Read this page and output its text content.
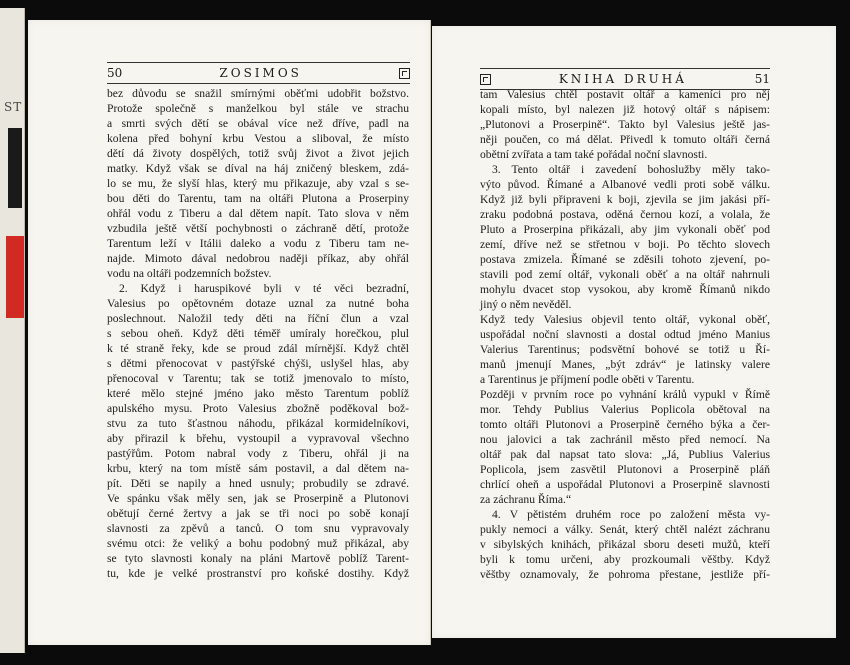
ST
50	ZOSIMOS
bez důvodu se snažil smírnými oběťmi udobřit božstvo.
Protože společně s manželkou byl stále ve strachu
a smrti svých dětí se obával více než dříve, padl na
kolena před bohyní krbu Vestou a sliboval, že místo
dětí dá životy dospělých, totiž svůj život a život jejich
matky. Když však se díval na háj zničený bleskem, zdá-
lo se mu, že slyší hlas, který mu přikazuje, aby vzal s se-
bou děti do Tarentu, tam na oltáři Plutona a Proserpiny
ohřál vodu z Tiberu a dal dětem napít. Tato slova v něm
vzbudila ještě větší pochybnosti o záchraně dětí, protože
Tarentum leží v Itálii daleko a vodu z Tiberu tam ne-
najde. Mimoto dával nedobrou naději příkaz, aby ohřál
vodu na oltáři podzemních božstev.
2. Když i haruspikové byli v té věci bezradní,
Valesius po opětovném dotaze uznal za nutné boha
poslechnout. Naložil tedy děti na říční člun a vzal
s sebou oheň. Když děti téměř umíraly horečkou, plul
k té straně řeky, kde se proud zdál mírnější. Když chtěl
s dětmi přenocovat v pastýřské chýši, uslyšel hlas, aby
přenocoval v Tarentu; tak se totiž jmenovalo to místo,
které mělo stejné jméno jako město Tarentum poblíž
apulského mysu. Proto Valesius zbožně poděkoval bož-
stvu za tuto šťastnou náhodu, přikázal kormidelníkovi,
aby přirazil k břehu, vystoupil a vypravoval všechno
pastýřům. Potom nabral vody z Tiberu, ohřál ji na
krbu, který na tom místě sám postavil, a dal dětem na-
pít. Děti se napily a hned usnuly; probudily se zdravé.
Ve spánku však měly sen, jak se Proserpině a Plutonovi
obětují černé žertvy a jak se tři noci po sobě konají
slavnosti za zpěvů a tanců. O tom snu vypravovaly
svému otci: že veliký a bohu podobný muž přikázal, aby
se tyto slavnosti konaly na pláni Martově poblíž Tarent-
tu, kde je velké prostranství pro koňské dostihy. Když
KNIHA DRUHÁ	51
tam Valesius chtěl postavit oltář a kameníci pro něj
kopali místo, byl nalezen již hotový oltář s nápisem:
„Plutonovi a Proserpině“. Takto byl Valesius ještě jas-
něji poučen, co má dělat. Přivedl k tomuto oltáři černá
obětní zvířata a tam také pořádal noční slavnosti.
3. Tento oltář i zavedení bohoslužby měly tako-
výto původ. Římané a Albanové vedli proti sobě válku.
Když již byli připraveni k boji, zjevila se jim jakási pří-
zraku podobná postava, oděná černou kozí, a volala, že
Pluto a Proserpina přikázali, aby jim vykonali oběť pod
zemí, dříve než se střetnou v boji. Po těchto slovech
postava zmizela. Římané se zděsili tohoto zjevení, po-
stavili pod zemí oltář, vykonali oběť a na oltář nahrnuli
mohylu dvacet stop vysokou, aby kromě Římanů nikdo
jiný o něm nevěděl.
Když tedy Valesius objevil tento oltář, vykonal oběť,
uspořádal noční slavnosti a dostal odtud jméno Manius
Valerius Tarentinus; podsvětní bohové se totiž u Ří-
manů jmenují Manes, „být zdráv“ je latinsky valere
a Tarentinus je příjmení podle oběti v Tarentu.
Později v prvním roce po vyhnání králů vypukl v Římě
mor. Tehdy Publius Valerius Poplicola obětoval na
tomto oltáři Plutonovi a Proserpině černého býka a čer-
nou jalovici a tak zachránil město před nemocí. Na
oltář pak dal napsat tato slova: „Já, Publius Valerius
Poplicola, jsem zasvětil Plutonovi a Proserpině pláň
chrlící oheň a uspořádal Plutonovi a Proserpině slavnosti
za záchranu Říma.“
4. V pětistém druhém roce po založení města vy-
pukly nemoci a války. Senát, který chtěl nalézt záchranu
v sibylských knihách, přikázal sboru deseti mužů, kteří
byli k tomu určeni, aby prozkoumali věštby. Když
věštby oznamovaly, že pohroma přestane, jestliže pří-
